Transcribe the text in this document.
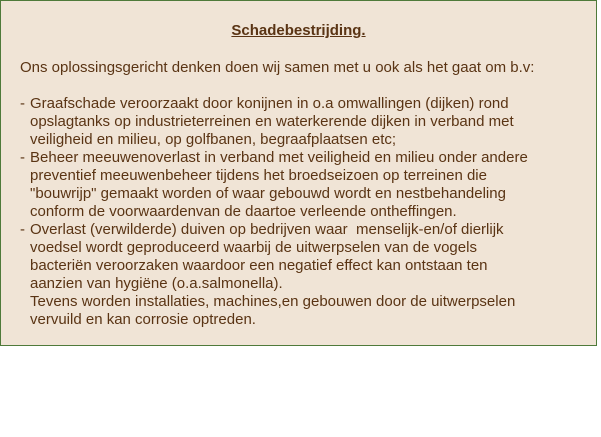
Schadebestrijding.
Ons oplossingsgericht denken doen wij samen met u ook als het gaat om b.v:
- Graafschade veroorzaakt door konijnen in o.a omwallingen (dijken) rond
opslagtanks op industrieterreinen en waterkerende dijken in verband met
veiligheid en milieu, op golfbanen, begraafplaatsen etc;
- Beheer meeuwenoverlast in verband met veiligheid en milieu onder andere
preventief meeuwenbeheer tijdens het broedseizoen op terreinen die
"bouwrijp" gemaakt worden of waar gebouwd wordt en nestbehandeling
conform de voorwaardenvan de daartoe verleende ontheffingen.
- Overlast (verwilderde) duiven op bedrijven waar  menselijk-en/of dierlijk
voedsel wordt geproduceerd waarbij de uitwerpselen van de vogels
bacteriën veroorzaken waardoor een negatief effect kan ontstaan ten
aanzien van hygiëne (o.a.salmonella).
Tevens worden installaties, machines,en gebouwen door de uitwerpselen
vervuild en kan corrosie optreden.
